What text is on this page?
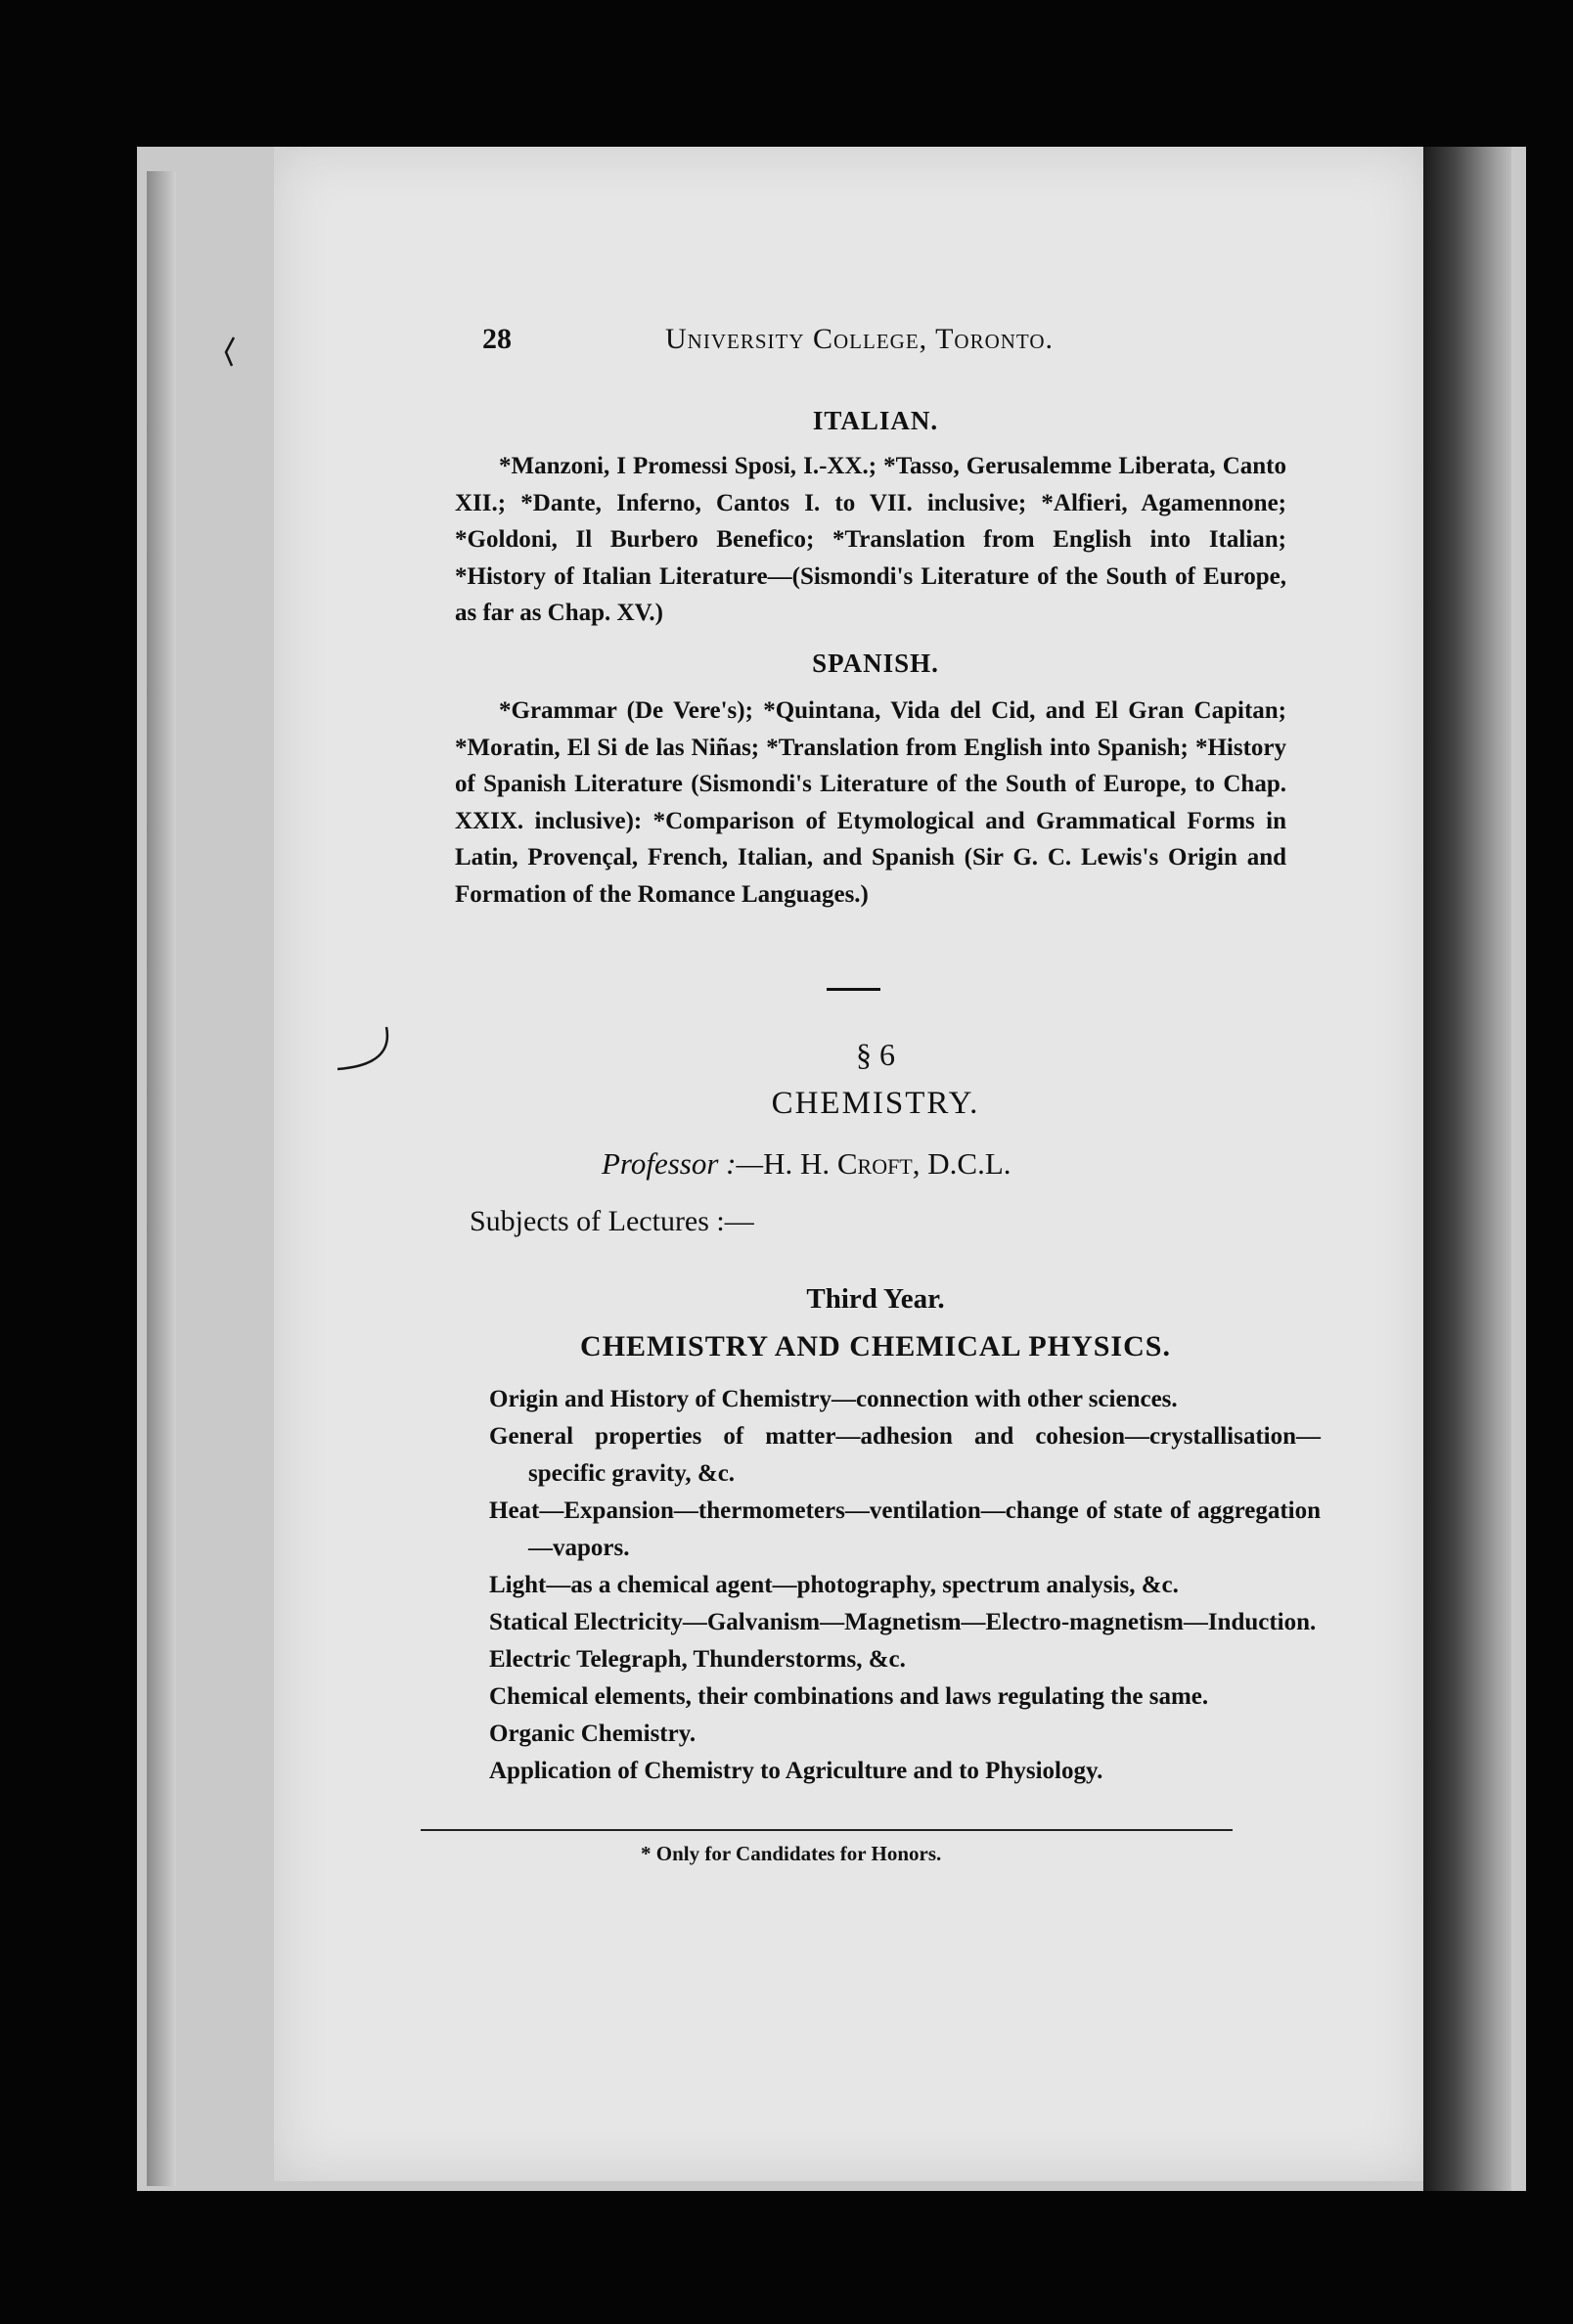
28	University College, Toronto.
ITALIAN.

*Manzoni, I Promessi Sposi, I.-XX.; *Tasso, Gerusalemme Liberata, Canto XII.; *Dante, Inferno, Cantos I. to VII. inclusive; *Alfieri, Agamennone; *Goldoni, Il Burbero Benefico; *Translation from English into Italian; *History of Italian Literature—(Sismondi's Literature of the South of Europe, as far as Chap. XV.)

SPANISH.

*Grammar (De Vere's); *Quintana, Vida del Cid, and El Gran Capitan; *Moratin, El Si de las Niñas; *Translation from English into Spanish; *History of Spanish Literature (Sismondi's Literature of the South of Europe, to Chap. XXIX. inclusive): *Comparison of Etymological and Grammatical Forms in Latin, Provençal, French, Italian, and Spanish (Sir G. C. Lewis's Origin and Formation of the Romance Languages.)

§ 6
CHEMISTRY.
Professor :—H. H. Croft, D.C.L.
Subjects of Lectures :—
Third Year.
CHEMISTRY AND CHEMICAL PHYSICS.
Origin and History of Chemistry—connection with other sciences.
General properties of matter—adhesion and cohesion—crystallisation—specific gravity, &c.
Heat—Expansion—thermometers—ventilation—change of state of aggregation—vapors.
Light—as a chemical agent—photography, spectrum analysis, &c.
Statical Electricity—Galvanism—Magnetism—Electro-magnetism—Induction.
Electric Telegraph, Thunderstorms, &c.
Chemical elements, their combinations and laws regulating the same.
Organic Chemistry.
Application of Chemistry to Agriculture and to Physiology.
* Only for Candidates for Honors.
